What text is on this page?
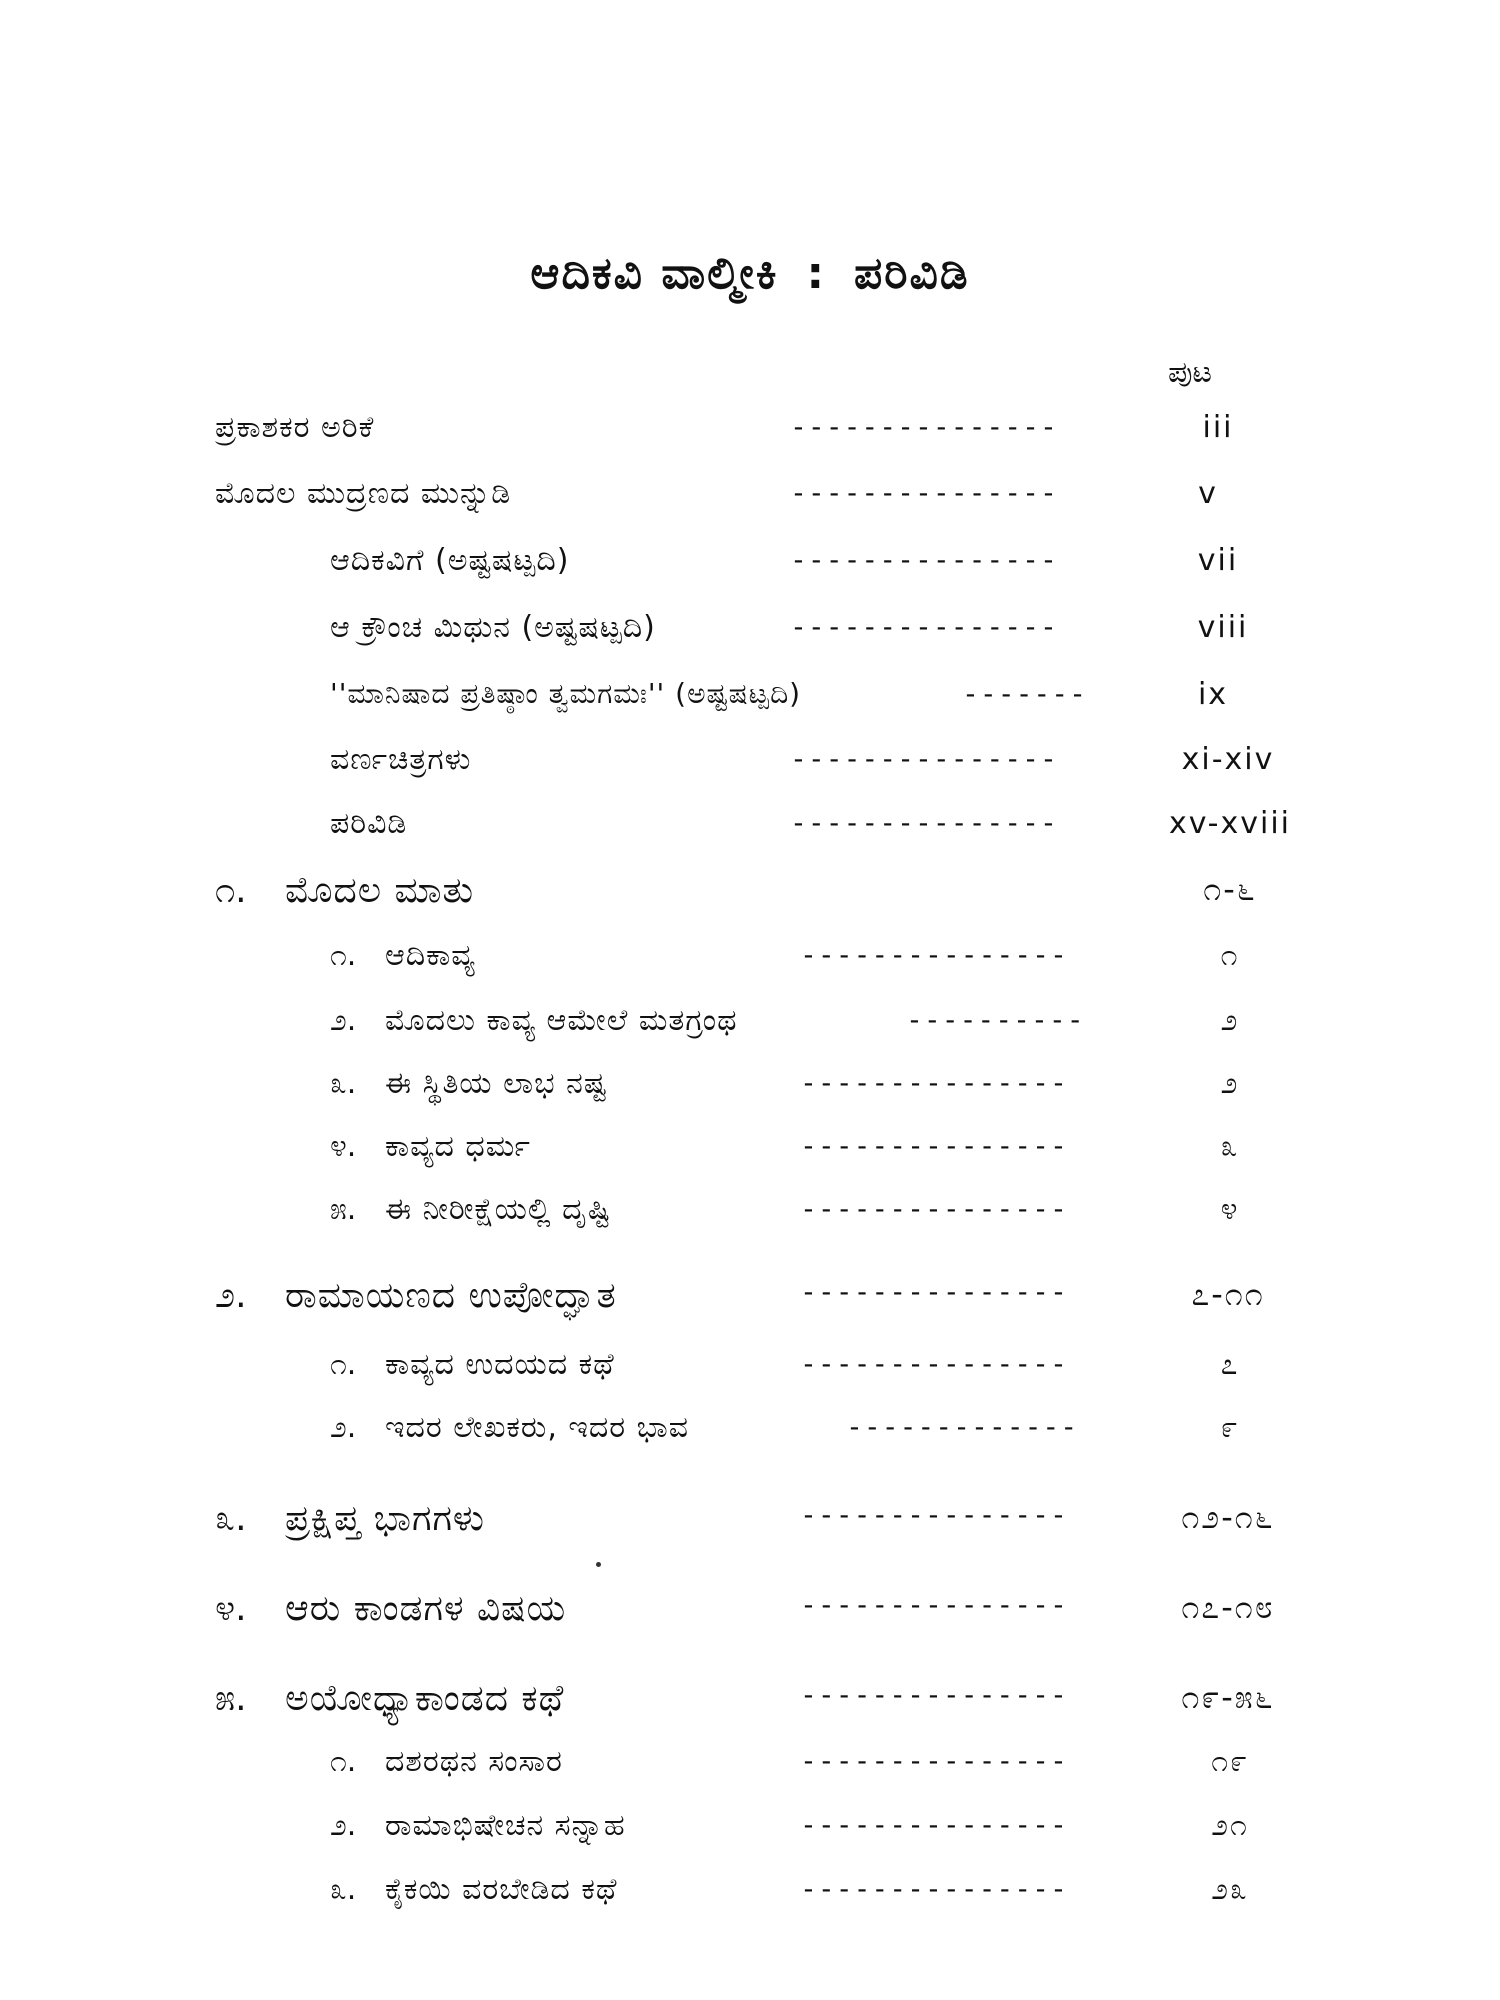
ಆದಿಕವಿ ವಾಲ್ಮೀಕಿ : ಪರಿವಿಡಿ
ಪುಟ
ಪ್ರಕಾಶಕರ ಅರಿಕೆ	---------------	iii
ಮೊದಲ ಮುದ್ರಣದ ಮುನ್ನುಡಿ	---------------	v
ಆದಿಕವಿಗೆ (ಅಷ್ಟಷಟ್ಪದಿ)	---------------	vii
ಆ ಕ್ರೌಂಚ ಮಿಥುನ (ಅಷ್ಟಷಟ್ಪದಿ)	---------------	viii
''ಮಾನಿಷಾದ ಪ್ರತಿಷ್ಠಾಂ ತ್ವಮಗಮಃ'' (ಅಷ್ಟಷಟ್ಪದಿ)	-------	ix
ವರ್ಣಚಿತ್ರಗಳು	---------------	xi-xiv
ಪರಿವಿಡಿ	---------------	xv-xviii
೧. ಮೊದಲ ಮಾತು	೧-೬
೧. ಆದಿಕಾವ್ಯ	---------------	೧
೨. ಮೊದಲು ಕಾವ್ಯ ಆಮೇಲೆ ಮತಗ್ರಂಥ	----------	೨
೩. ಈ ಸ್ಥಿತಿಯ ಲಾಭ ನಷ್ಟ	---------------	೨
೪. ಕಾವ್ಯದ ಧರ್ಮ	---------------	೩
೫. ಈ ನೀರೀಕ್ಷೆಯಲ್ಲಿ ದೃಷ್ಟಿ	---------------	೪
೨. ರಾಮಾಯಣದ ಉಪೋದ್ಘಾತ	---------------	೭-೧೧
೧. ಕಾವ್ಯದ ಉದಯದ ಕಥೆ	---------------	೭
೨. ಇದರ ಲೇಖಕರು, ಇದರ ಭಾವ	-------------	೯
೩. ಪ್ರಕ್ಷಿಪ್ತ ಭಾಗಗಳು	---------------	೧೨-೧೬
೪. ಆರು ಕಾಂಡಗಳ ವಿಷಯ	---------------	೧೭-೧೮
೫. ಅಯೋಧ್ಯಾಕಾಂಡದ ಕಥೆ	---------------	೧೯-೫೬
೧. ದಶರಥನ ಸಂಸಾರ	---------------	೧೯
೨. ರಾಮಾಭಿಷೇಚನ ಸನ್ನಾಹ	---------------	೨೧
೩. ಕೈಕಯಿ ವರಬೇಡಿದ ಕಥೆ	---------------	೨೩
